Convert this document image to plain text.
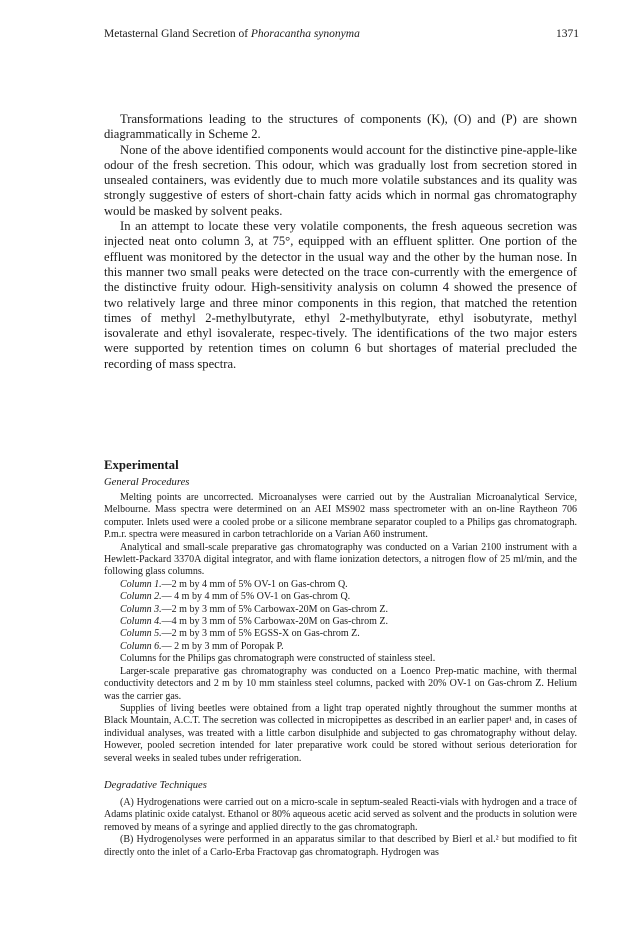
Metasternal Gland Secretion of Phoracantha synonyma	1371

Transformations leading to the structures of components (K), (O) and (P) are shown diagrammatically in Scheme 2.

None of the above identified components would account for the distinctive pine-apple-like odour of the fresh secretion. This odour, which was gradually lost from secretion stored in unsealed containers, was evidently due to much more volatile substances and its quality was strongly suggestive of esters of short-chain fatty acids which in normal gas chromatography would be masked by solvent peaks.

In an attempt to locate these very volatile components, the fresh aqueous secretion was injected neat onto column 3, at 75°, equipped with an effluent splitter. One portion of the effluent was monitored by the detector in the usual way and the other by the human nose. In this manner two small peaks were detected on the trace con-currently with the emergence of the distinctive fruity odour. High-sensitivity analysis on column 4 showed the presence of two relatively large and three minor components in this region, that matched the retention times of methyl 2-methylbutyrate, ethyl 2-methylbutyrate, ethyl isobutyrate, methyl isovalerate and ethyl isovalerate, respec-tively. The identifications of the two major esters were supported by retention times on column 6 but shortages of material precluded the recording of mass spectra.

Experimental
General Procedures

Melting points are uncorrected. Microanalyses were carried out by the Australian Microanalytical Service, Melbourne. Mass spectra were determined on an AEI MS902 mass spectrometer with an on-line Raytheon 706 computer. Inlets used were a cooled probe or a silicone membrane separator coupled to a Philips gas chromatograph. P.m.r. spectra were measured in carbon tetrachloride on a Varian A60 instrument.

Analytical and small-scale preparative gas chromatography was conducted on a Varian 2100 instrument with a Hewlett-Packard 3370A digital integrator, and with flame ionization detectors, a nitrogen flow of 25 ml/min, and the following glass columns.

Column 1.—2 m by 4 mm of 5% OV-1 on Gas-chrom Q.
Column 2.— 4 m by 4 mm of 5% OV-1 on Gas-chrom Q.
Column 3.—2 m by 3 mm of 5% Carbowax-20M on Gas-chrom Z.
Column 4.—4 m by 3 mm of 5% Carbowax-20M on Gas-chrom Z.
Column 5.—2 m by 3 mm of 5% EGSS-X on Gas-chrom Z.
Column 6.— 2 m by 3 mm of Poropak P.

Columns for the Philips gas chromatograph were constructed of stainless steel.

Larger-scale preparative gas chromatography was conducted on a Loenco Prep-matic machine, with thermal conductivity detectors and 2 m by 10 mm stainless steel columns, packed with 20% OV-1 on Gas-chrom Z. Helium was the carrier gas.

Supplies of living beetles were obtained from a light trap operated nightly throughout the summer months at Black Mountain, A.C.T. The secretion was collected in micropipettes as described in an earlier paper¹ and, in cases of individual analyses, was treated with a little carbon disulphide and subjected to gas chromatography without delay. However, pooled secretion intended for later preparative work could be stored without serious deterioration for several weeks in sealed tubes under refrigeration.

Degradative Techniques

(A) Hydrogenations were carried out on a micro-scale in septum-sealed Reacti-vials with hydrogen and a trace of Adams platinic oxide catalyst. Ethanol or 80% aqueous acetic acid served as solvent and the products in solution were removed by means of a syringe and applied directly to the gas chromatograph.

(B) Hydrogenolyses were performed in an apparatus similar to that described by Bierl et al.² but modified to fit directly onto the inlet of a Carlo-Erba Fractovap gas chromatograph. Hydrogen was
